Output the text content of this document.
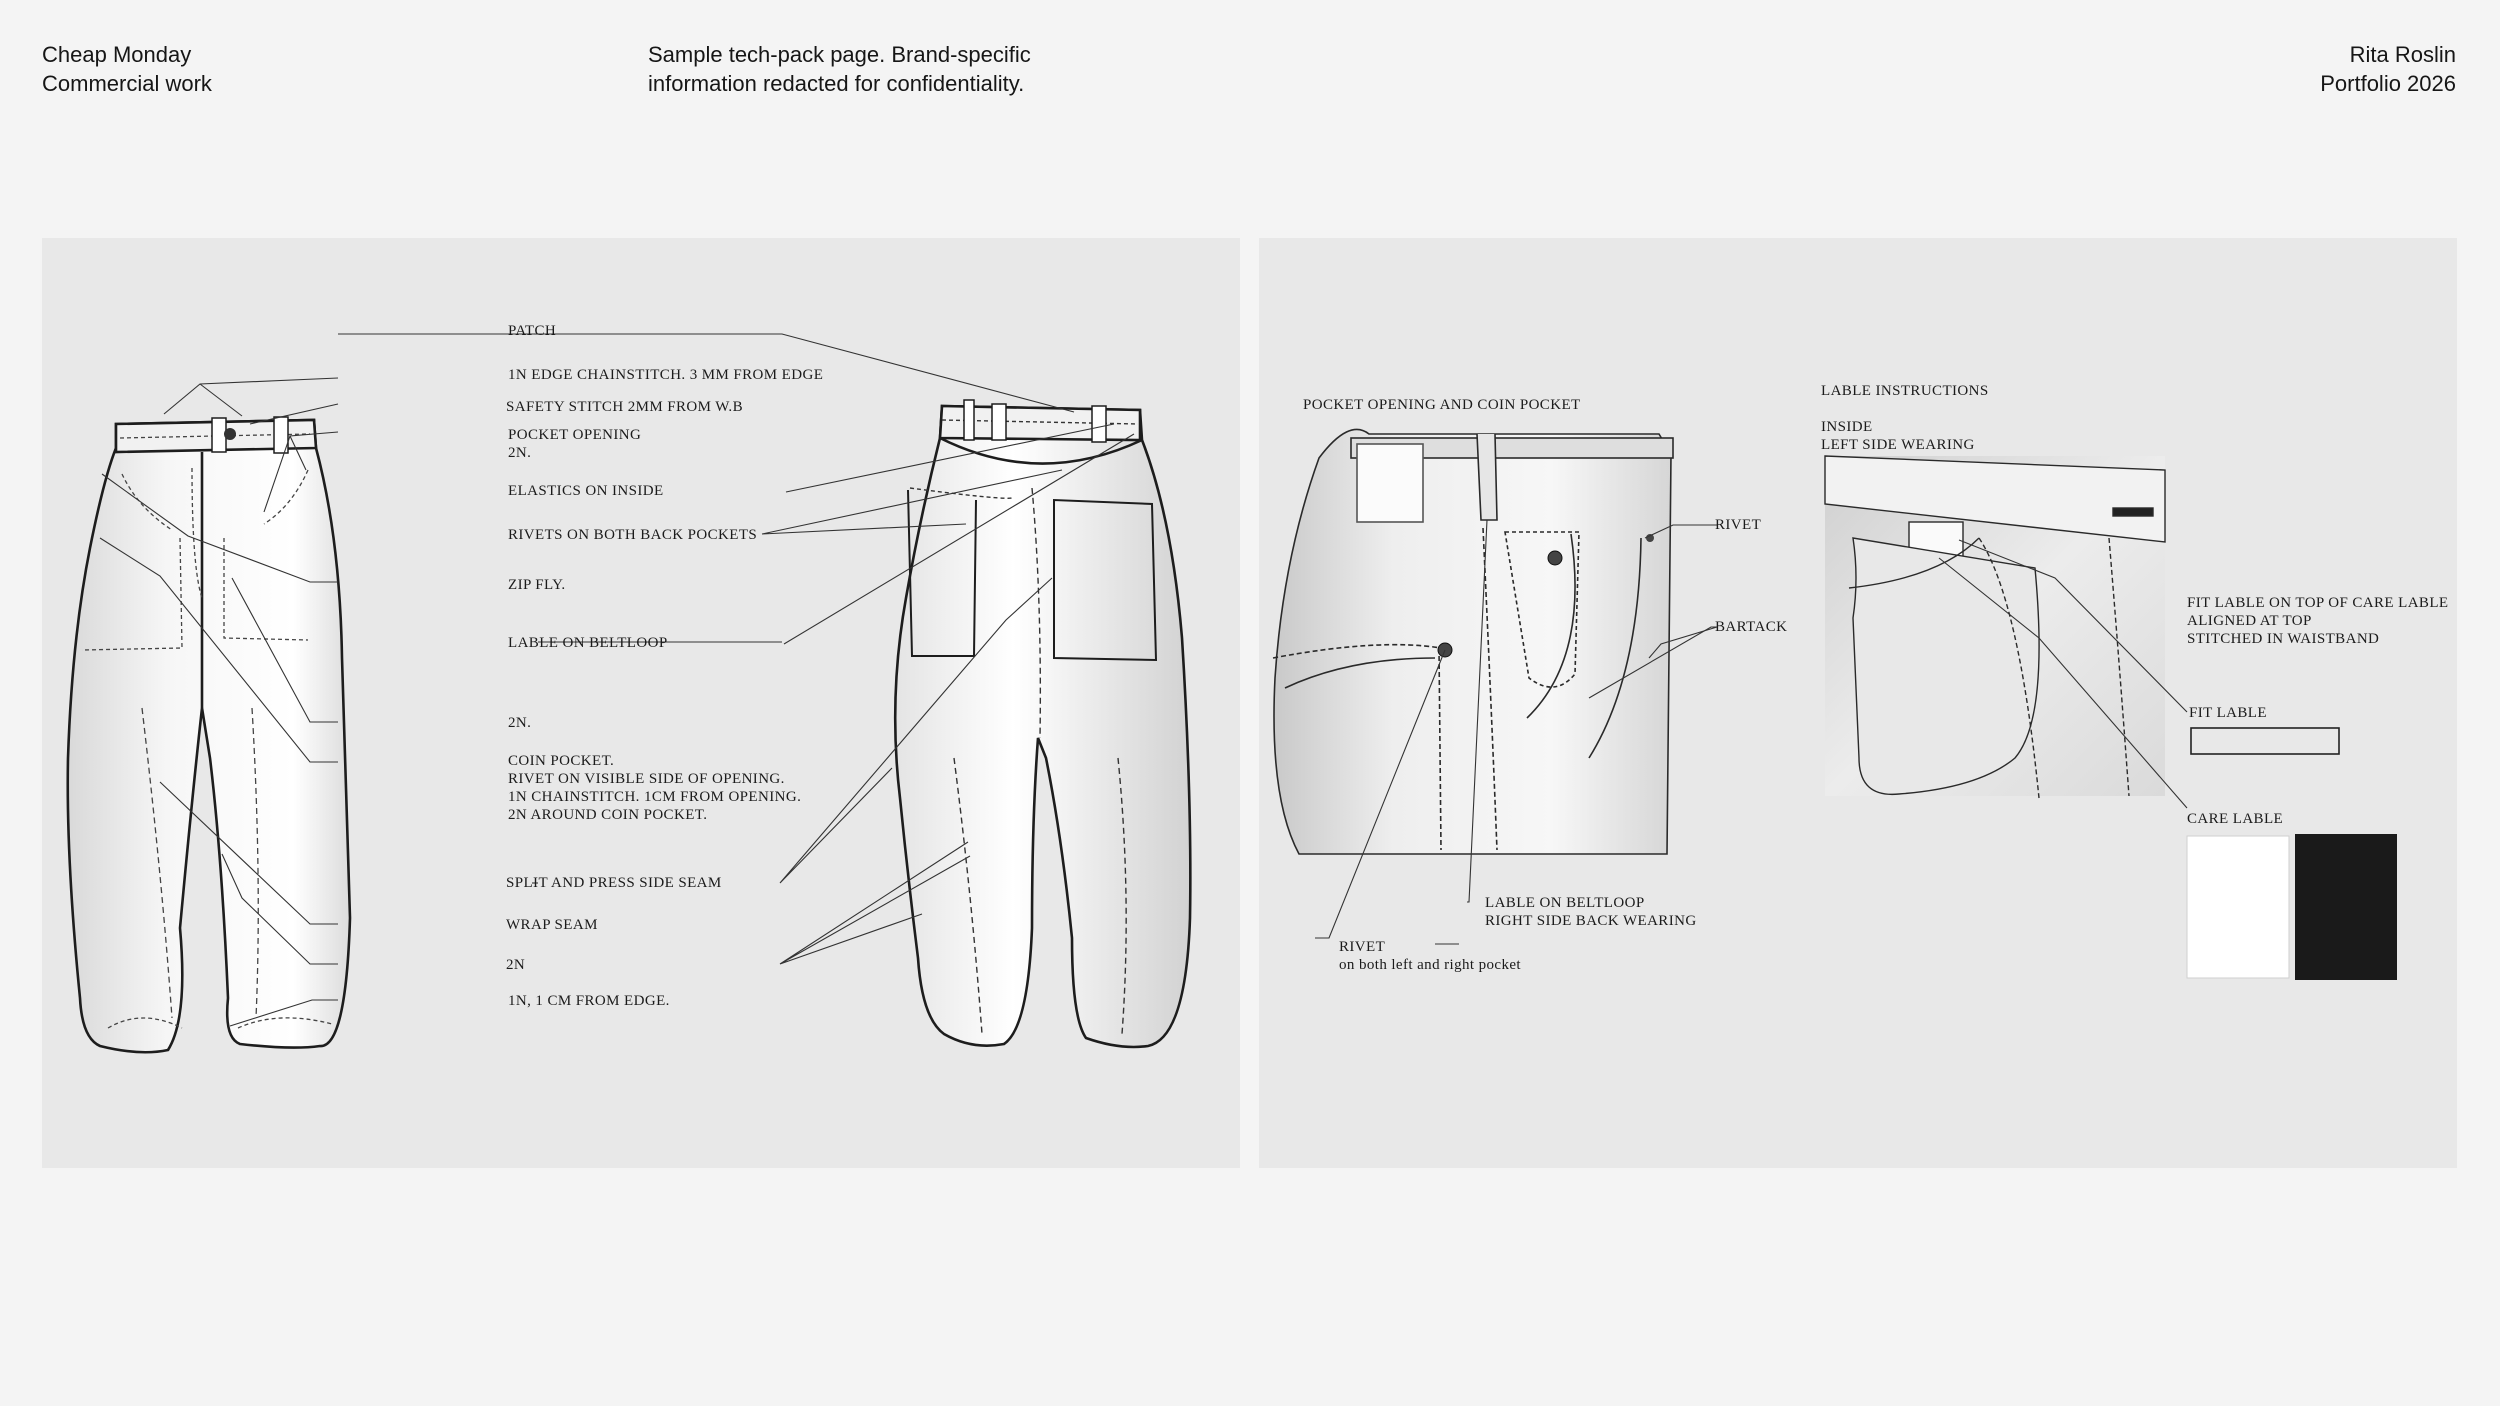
Cheap Monday
Commercial work
Sample tech-pack page. Brand-specific
information redacted for confidentiality.
Rita Roslin
Portfolio 2026
PATCH
1N EDGE CHAINSTITCH. 3 MM FROM EDGE
SAFETY STITCH 2MM FROM W.B
POCKET OPENING
2N.
ELASTICS ON INSIDE
RIVETS ON BOTH BACK POCKETS
ZIP FLY.
LABLE ON BELTLOOP
2N.
COIN POCKET.
RIVET ON VISIBLE SIDE OF OPENING.
1N CHAINSTITCH. 1CM FROM OPENING.
2N AROUND COIN POCKET.
SPLIT AND PRESS SIDE SEAM
WRAP SEAM
2N
1N, 1 CM FROM EDGE.
POCKET OPENING AND COIN POCKET
RIVET
BARTACK
LABLE ON BELTLOOP
RIGHT SIDE BACK WEARING
RIVET
on both left and right pocket
LABLE INSTRUCTIONS
INSIDE
LEFT SIDE WEARING
FIT LABLE ON TOP OF CARE LABLE
ALIGNED AT TOP
STITCHED IN WAISTBAND
FIT LABLE
CARE LABLE
